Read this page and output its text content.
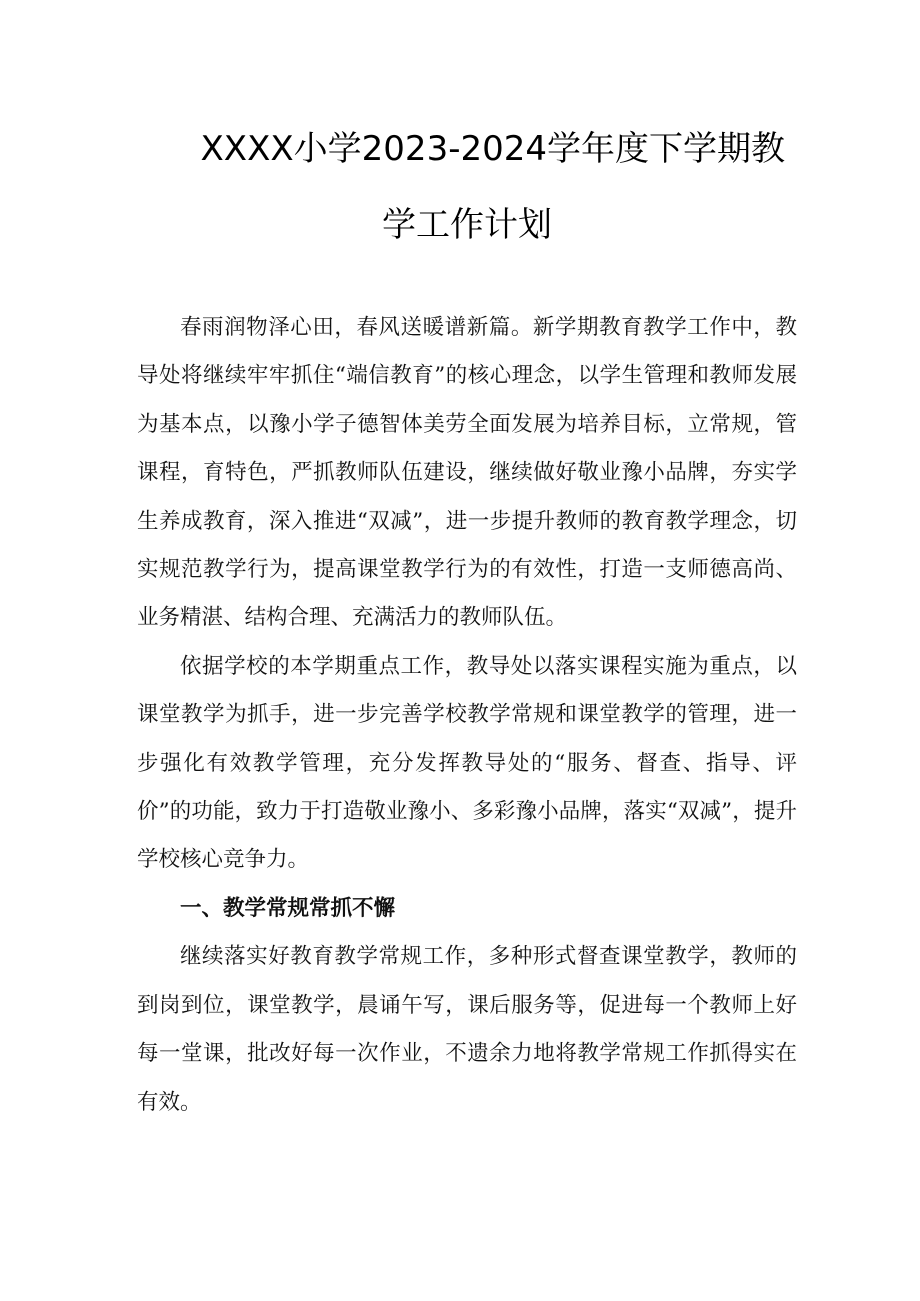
XXXX小学2023-2024学年度下学期教
学工作计划

春雨润物泽心田，春风送暖谱新篇。新学期教育教学工作中，教导处将继续牢牢抓住“端信教育”的核心理念，以学生管理和教师发展为基本点，以豫小学子德智体美劳全面发展为培养目标，立常规，管课程，育特色，严抓教师队伍建设，继续做好敬业豫小品牌，夯实学生养成教育，深入推进“双减”，进一步提升教师的教育教学理念，切实规范教学行为，提高课堂教学行为的有效性，打造一支师德高尚、业务精湛、结构合理、充满活力的教师队伍。

依据学校的本学期重点工作，教导处以落实课程实施为重点，以课堂教学为抓手，进一步完善学校教学常规和课堂教学的管理，进一步强化有效教学管理，充分发挥教导处的“服务、督查、指导、评价”的功能，致力于打造敬业豫小、多彩豫小品牌，落实“双减”，提升学校核心竞争力。

一、教学常规常抓不懈

继续落实好教育教学常规工作，多种形式督查课堂教学，教师的到岗到位，课堂教学，晨诵午写，课后服务等，促进每一个教师上好每一堂课，批改好每一次作业，不遗余力地将教学常规工作抓得实在有效。
